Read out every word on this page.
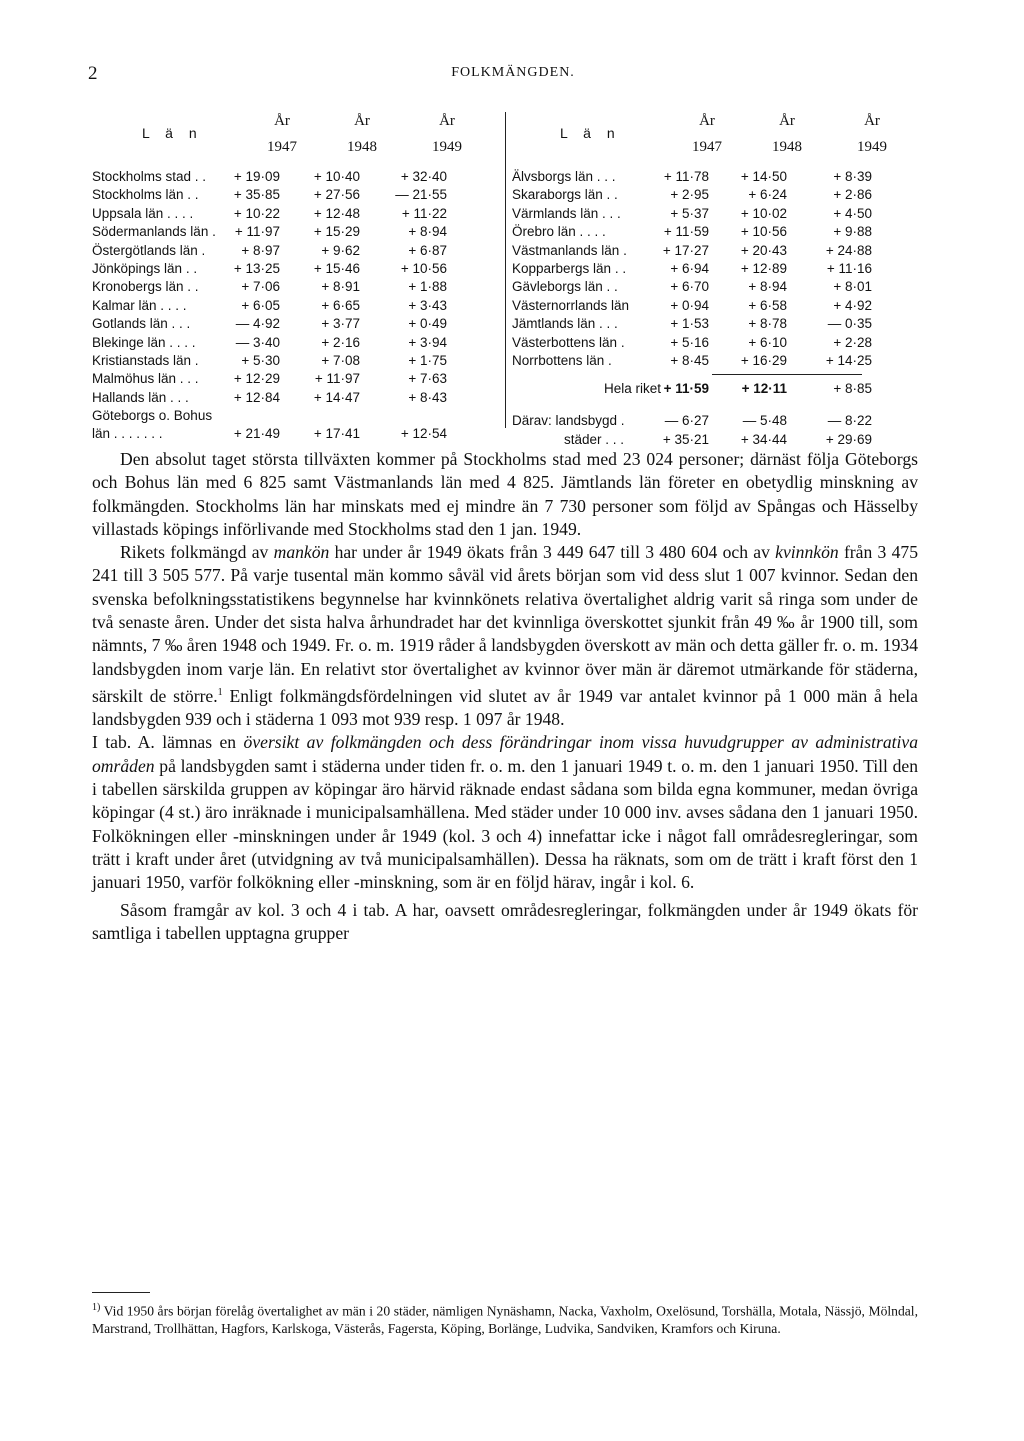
2	FOLKMÄNGDEN.
L ä n
År
1947
År
1948
År
1949
Stockholms stad . .	+ 19·09	+ 10·40	+ 32·40
Stockholms län . .	+ 35·85	+ 27·56	— 21·55
Uppsala län . . . .	+ 10·22	+ 12·48	+ 11·22
Södermanlands län .	+ 11·97	+ 15·29	+ 8·94
Östergötlands län .	+ 8·97	+ 9·62	+ 6·87
Jönköpings län . .	+ 13·25	+ 15·46	+ 10·56
Kronobergs län . .	+ 7·06	+ 8·91	+ 1·88
Kalmar län . . . .	+ 6·05	+ 6·65	+ 3·43
Gotlands län . . .	— 4·92	+ 3·77	+ 0·49
Blekinge län . . . .	— 3·40	+ 2·16	+ 3·94
Kristianstads län .	+ 5·30	+ 7·08	+ 1·75
Malmöhus län . . .	+ 12·29	+ 11·97	+ 7·63
Hallands län . . .	+ 12·84	+ 14·47	+ 8·43
Göteborgs o. Bohus
län . . . . . . .	+ 21·49	+ 17·41	+ 12·54
L ä n
År
1947
År
1948
År
1949
Älvsborgs län . . .	+ 11·78	+ 14·50	+ 8·39
Skaraborgs län . .	+ 2·95	+ 6·24	+ 2·86
Värmlands län . . .	+ 5·37	+ 10·02	+ 4·50
Örebro län . . . .	+ 11·59	+ 10·56	+ 9·88
Västmanlands län .	+ 17·27	+ 20·43	+ 24·88
Kopparbergs län . .	+ 6·94	+ 12·89	+ 11·16
Gävleborgs län . .	+ 6·70	+ 8·94	+ 8·01
Västernorrlands län	+ 0·94	+ 6·58	+ 4·92
Jämtlands län . . .	+ 1·53	+ 8·78	— 0·35
Västerbottens län .	+ 5·16	+ 6·10	+ 2·28
Norrbottens län .	+ 8·45	+ 16·29	+ 14·25
Hela riket + 11·59	+ 12·11	+ 8·85
Därav: landsbygd .	— 6·27	— 5·48	— 8·22
städer . . .	+ 35·21	+ 34·44	+ 29·69

Den absolut taget största tillväxten kommer på Stockholms stad med 23 024 personer; därnäst följa Göteborgs och Bohus län med 6 825 samt Västmanlands län med 4 825. Jämtlands län företer en obetydlig minskning av folkmängden. Stockholms län har minskats med ej mindre än 7 730 personer som följd av Spångas och Hässelby villastads köpings införlivande med Stockholms stad den 1 jan. 1949.

Rikets folkmängd av mankön har under år 1949 ökats från 3 449 647 till 3 480 604 och av kvinnkön från 3 475 241 till 3 505 577. På varje tusental män kommo såväl vid årets början som vid dess slut 1 007 kvinnor. Sedan den svenska befolkningsstatistikens begynnelse har kvinnkönets relativa övertalighet aldrig varit så ringa som under de två senaste åren. Under det sista halva århundradet har det kvinnliga överskottet sjunkit från 49 ‰ år 1900 till, som nämnts, 7 ‰ åren 1948 och 1949. Fr. o. m. 1919 råder å landsbygden överskott av män och detta gäller fr. o. m. 1934 landsbygden inom varje län. En relativt stor övertalighet av kvinnor över män är däremot utmärkande för städerna, särskilt de större.$^1$ Enligt folkmängdsfördelningen vid slutet av år 1949 var antalet kvinnor på 1 000 män å hela landsbygden 939 och i städerna 1 093 mot 939 resp. 1 097 år 1948.

I tab. A. lämnas en översikt av folkmängden och dess förändringar inom vissa huvudgrupper av administrativa områden på landsbygden samt i städerna under tiden fr. o. m. den 1 januari 1949 t. o. m. den 1 januari 1950. Till den i tabellen särskilda gruppen av köpingar äro härvid räknade endast sådana som bilda egna kommuner, medan övriga köpingar (4 st.) äro inräknade i municipalsamhällena. Med städer under 10 000 inv. avses sådana den 1 januari 1950. Folkökningen eller -minskningen under år 1949 (kol. 3 och 4) innefattar icke i något fall områdesregleringar, som trätt i kraft under året (utvidgning av två municipalsamhällen). Dessa ha räknats, som om de trätt i kraft först den 1 januari 1950, varför folkökning eller -minskning, som är en följd härav, ingår i kol. 6.

Såsom framgår av kol. 3 och 4 i tab. A har, oavsett områdesregleringar, folkmängden under år 1949 ökats för samtliga i tabellen upptagna grupper

$^{1)}$ Vid 1950 års början förelåg övertalighet av män i 20 städer, nämligen Nynäshamn, Nacka, Vaxholm, Oxelösund, Torshälla, Motala, Nässjö, Mölndal, Marstrand, Trollhättan, Hagfors, Karlskoga, Västerås, Fagersta, Köping, Borlänge, Ludvika, Sandviken, Kramfors och Kiruna.
